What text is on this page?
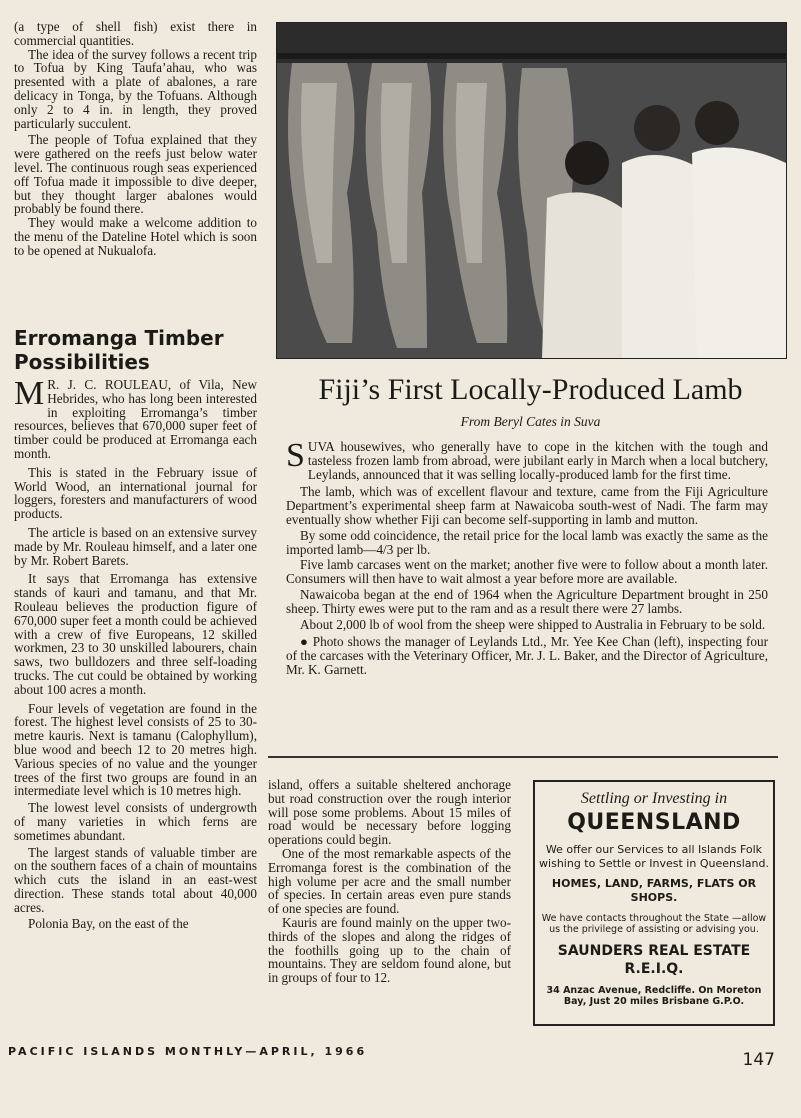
(a type of shell fish) exist there in commercial quantities.

The idea of the survey follows a recent trip to Tofua by King Taufa’ahau, who was presented with a plate of abalones, a rare delicacy in Tonga, by the Tofuans. Although only 2 to 4 in. in length, they proved particularly succulent.

The people of Tofua explained that they were gathered on the reefs just below water level. The continuous rough seas experienced off Tofua made it impossible to dive deeper, but they thought larger abalones would probably be found there.

They would make a welcome addition to the menu of the Dateline Hotel which is soon to be opened at Nukualofa.

Erromanga Timber Possibilities

M R. J. C. ROULEAU, of Vila, New Hebrides, who has long been interested in exploiting Erromanga’s timber resources, believes that 670,000 super feet of timber could be produced at Erromanga each month.

This is stated in the February issue of World Wood, an international journal for loggers, foresters and manufacturers of wood products.

The article is based on an extensive survey made by Mr. Rouleau himself, and a later one by Mr. Robert Barets.

It says that Erromanga has extensive stands of kauri and tamanu, and that Mr. Rouleau believes the production figure of 670,000 super feet a month could be achieved with a crew of five Europeans, 12 skilled workmen, 23 to 30 unskilled labourers, chain saws, two bulldozers and three self-loading trucks. The cut could be obtained by working about 100 acres a month.

Four levels of vegetation are found in the forest. The highest level consists of 25 to 30-metre kauris. Next is tamanu (Calophyllum), blue wood and beech 12 to 20 metres high. Various species of no value and the younger trees of the first two groups are found in an intermediate level which is 10 metres high.

The lowest level consists of undergrowth of many varieties in which ferns are sometimes abundant.

The largest stands of valuable timber are on the southern faces of a chain of mountains which cuts the island in an east-west direction. These stands total about 40,000 acres.

Polonia Bay, on the east of the

Fiji’s First Locally-Produced Lamb
From Beryl Cates in Suva

SUVA housewives, who generally have to cope in the kitchen with the tough and tasteless frozen lamb from abroad, were jubilant early in March when a local butchery, Leylands, announced that it was selling locally-produced lamb for the first time.

The lamb, which was of excellent flavour and texture, came from the Fiji Agriculture Department’s experimental sheep farm at Nawaicoba south-west of Nadi. The farm may eventually show whether Fiji can become self-supporting in lamb and mutton.

By some odd coincidence, the retail price for the local lamb was exactly the same as the imported lamb—4/3 per lb.

Five lamb carcases went on the market; another five were to follow about a month later. Consumers will then have to wait almost a year before more are available.

Nawaicoba began at the end of 1964 when the Agriculture Department brought in 250 sheep. Thirty ewes were put to the ram and as a result there were 27 lambs.

About 2,000 lb of wool from the sheep were shipped to Australia in February to be sold.

● Photo shows the manager of Leylands Ltd., Mr. Yee Kee Chan (left), inspecting four of the carcases with the Veterinary Officer, Mr. J. L. Baker, and the Director of Agriculture, Mr. K. Garnett.

island, offers a suitable sheltered anchorage but road construction over the rough interior will pose some problems. About 15 miles of road would be necessary before logging operations could begin.

One of the most remarkable aspects of the Erromanga forest is the combination of the high volume per acre and the small number of species. In certain areas even pure stands of one species are found.

Kauris are found mainly on the upper two-thirds of the slopes and along the ridges of the foothills going up to the chain of mountains. They are seldom found alone, but in groups of four to 12.

Settling or Investing in
QUEENSLAND
We offer our Services to all Islands Folk wishing to Settle or Invest in Queensland.
HOMES, LAND, FARMS, FLATS OR SHOPS.
We have contacts throughout the State —allow us the privilege of assisting or advising you.
SAUNDERS REAL ESTATE
R.E.I.Q.
34 Anzac Avenue, Redcliffe. On Moreton Bay, Just 20 miles Brisbane G.P.O.
PACIFIC ISLANDS MONTHLY—APRIL, 1966	147
